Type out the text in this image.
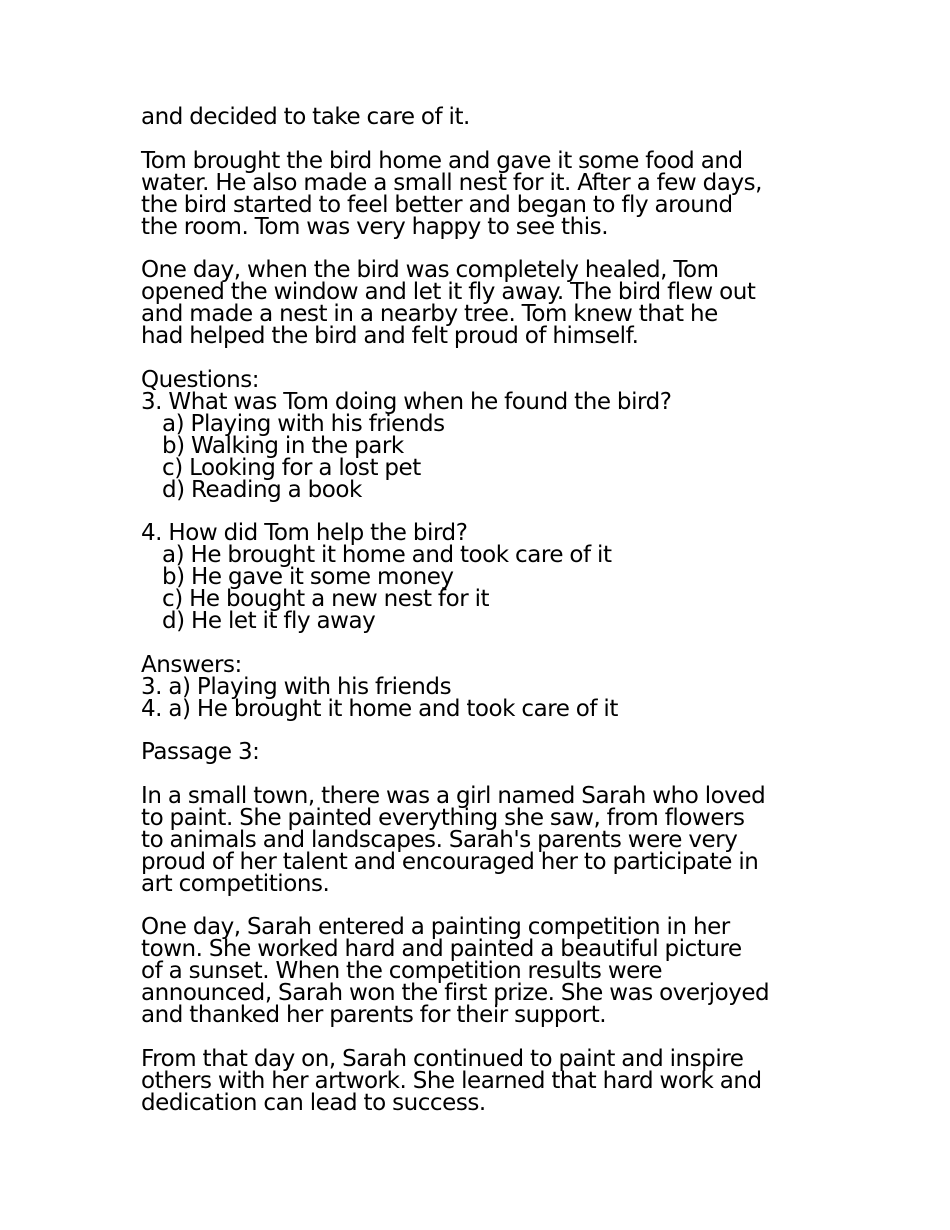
and decided to take care of it.
Tom brought the bird home and gave it some food and
water. He also made a small nest for it. After a few days,
the bird started to feel better and began to fly around
the room. Tom was very happy to see this.
One day, when the bird was completely healed, Tom
opened the window and let it fly away. The bird flew out
and made a nest in a nearby tree. Tom knew that he
had helped the bird and felt proud of himself.
Questions:
3. What was Tom doing when he found the bird?
a) Playing with his friends
b) Walking in the park
c) Looking for a lost pet
d) Reading a book
4. How did Tom help the bird?
a) He brought it home and took care of it
b) He gave it some money
c) He bought a new nest for it
d) He let it fly away
Answers:
3. a) Playing with his friends
4. a) He brought it home and took care of it
Passage 3:
In a small town, there was a girl named Sarah who loved
to paint. She painted everything she saw, from flowers
to animals and landscapes. Sarah's parents were very
proud of her talent and encouraged her to participate in
art competitions.
One day, Sarah entered a painting competition in her
town. She worked hard and painted a beautiful picture
of a sunset. When the competition results were
announced, Sarah won the first prize. She was overjoyed
and thanked her parents for their support.
From that day on, Sarah continued to paint and inspire
others with her artwork. She learned that hard work and
dedication can lead to success.
